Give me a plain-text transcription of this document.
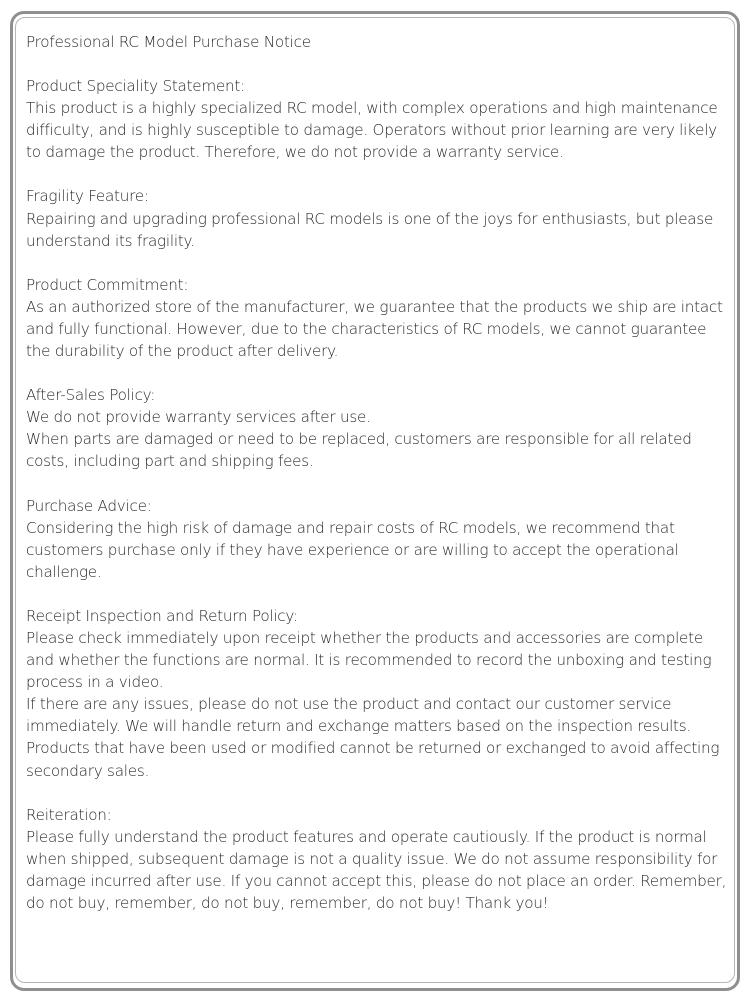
Professional RC Model Purchase Notice
Product Speciality Statement:
This product is a highly specialized RC model, with complex operations and high maintenance difficulty, and is highly susceptible to damage. Operators without prior learning are very likely to damage the product. Therefore, we do not provide a warranty service.
Fragility Feature:
Repairing and upgrading professional RC models is one of the joys for enthusiasts, but please understand its fragility.
Product Commitment:
As an authorized store of the manufacturer, we guarantee that the products we ship are intact and fully functional. However, due to the characteristics of RC models, we cannot guarantee the durability of the product after delivery.
After-Sales Policy:
We do not provide warranty services after use.
When parts are damaged or need to be replaced, customers are responsible for all related costs, including part and shipping fees.
Purchase Advice:
Considering the high risk of damage and repair costs of RC models, we recommend that customers purchase only if they have experience or are willing to accept the operational challenge.
Receipt Inspection and Return Policy:
Please check immediately upon receipt whether the products and accessories are complete and whether the functions are normal. It is recommended to record the unboxing and testing process in a video.
If there are any issues, please do not use the product and contact our customer service immediately. We will handle return and exchange matters based on the inspection results.
Products that have been used or modified cannot be returned or exchanged to avoid affecting secondary sales.
Reiteration:
Please fully understand the product features and operate cautiously. If the product is normal when shipped, subsequent damage is not a quality issue. We do not assume responsibility for damage incurred after use. If you cannot accept this, please do not place an order. Remember, do not buy, remember, do not buy, remember, do not buy! Thank you!
